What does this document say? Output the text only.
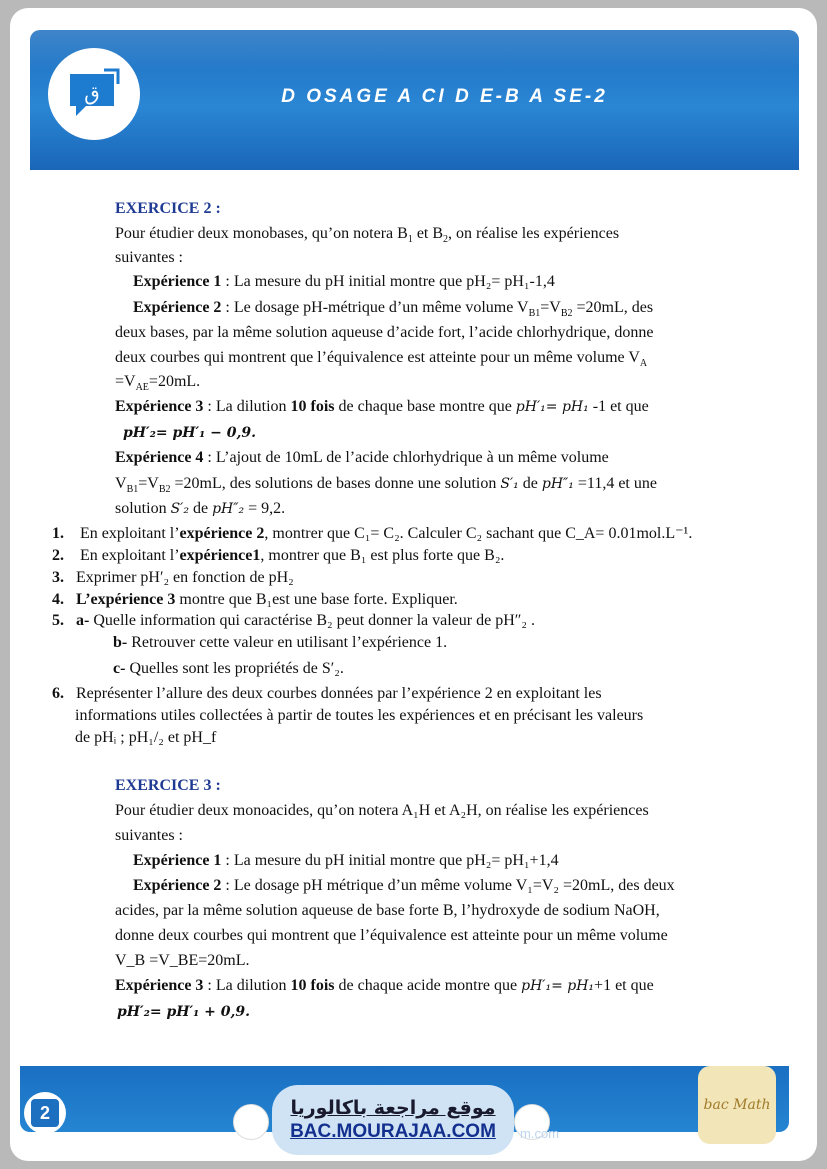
ق	D OSAGE A CI D E-B A SE-2
EXERCICE 2 :
Pour étudier deux monobases, qu’on notera $B_1$ et $B_2$, on réalise les expériences
suivantes :
Expérience 1 : La mesure du pH initial montre que pH₂= pH₁-1,4
Expérience 2 : Le dosage pH-métrique d’un même volume $V_{B1}=V_{B2} =20mL$, des
deux bases, par la même solution aqueuse d’acide fort, l’acide chlorhydrique, donne
deux courbes qui montrent que l’équivalence est atteinte pour un même volume $V_A$
$=V_{AE}=20mL$.
Expérience 3 : La dilution 10 fois de chaque base montre que pH′₁= pH₁ -1 et que
pH′₂= pH′₁ − 0,9.
Expérience 4 : L’ajout de 10mL de l’acide chlorhydrique à un même volume
$V_{B1}=V_{B2} =20mL$, des solutions de bases donne une solution S′₁ de pH″₁ =11,4 et une
solution S′₂ de pH″₂ = 9,2.
1. En exploitant l’expérience 2, montrer que C₁= C₂. Calculer C₂ sachant que C_A= 0.01mol.L⁻¹.
2. En exploitant l’expérience1, montrer que B₁ est plus forte que B₂.
3. Exprimer pH′₂ en fonction de pH₂
4. L’expérience 3 montre que B₁est une base forte. Expliquer.
5. a- Quelle information qui caractérise B₂ peut donner la valeur de pH″₂ .
b- Retrouver cette valeur en utilisant l’expérience 1.
c- Quelles sont les propriétés de S′₂.
6. Représenter l’allure des deux courbes données par l’expérience 2 en exploitant les
informations utiles collectées à partir de toutes les expériences et en précisant les valeurs
de pHᵢ ; pH₁/₂ et pH_f
EXERCICE 3 :
Pour étudier deux monoacides, qu’on notera A₁H et A₂H, on réalise les expériences
suivantes :
Expérience 1 : La mesure du pH initial montre que pH₂= pH₁+1,4
Expérience 2 : Le dosage pH métrique d’un même volume V₁=V₂ =20mL, des deux
acides, par la même solution aqueuse de base forte B, l’hydroxyde de sodium NaOH,
donne deux courbes qui montrent que l’équivalence est atteinte pour un même volume
V_B =V_BE=20mL.
Expérience 3 : La dilution 10 fois de chaque acide montre que pH′₁= pH₁+1 et que
pH′₂= pH′₁ + 0,9.
2
m.com
موقع مراجعة باكالوريا
BAC.MOURAJAA.COM
bac Math
